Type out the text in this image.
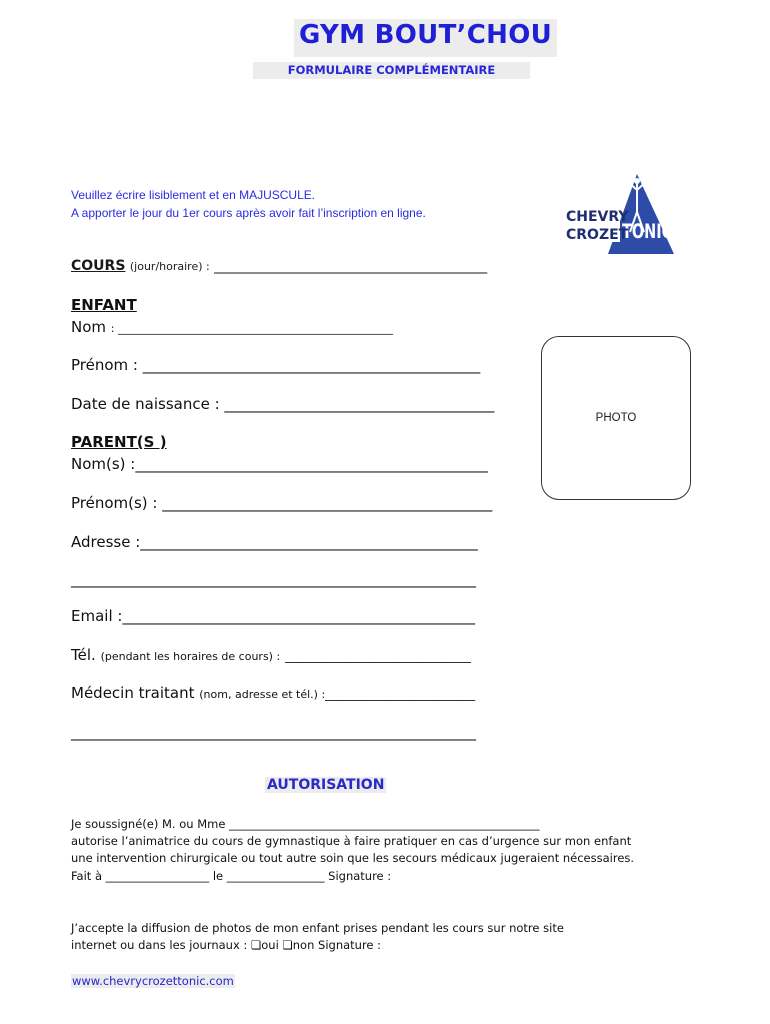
GYM BOUT’CHOU
FORMULAIRE COMPLÉMENTAIRE
Veuillez écrire lisiblement et en MAJUSCULE.
A apporter le jour du 1er cours après avoir fait l’inscription en ligne.
TONIC
CHEVRY
CROZET
COURS (jour/horaire) : _______________________________________
ENFANT
Nom : __________________________________________________
Prénom : _____________________________________________
Date de naissance : ____________________________________
PHOTO
PARENT(S )
Nom(s) :_______________________________________________
Prénom(s) : ____________________________________________
Adresse :_____________________________________________
______________________________________________________
Email :_______________________________________________
Tél. (pendant les horaires de cours) : _______________________________
Médecin traitant (nom, adresse et tél.) :_________________________
______________________________________________________
AUTORISATION
Je soussigné(e) M. ou Mme ______________________________________________________
autorise l’animatrice du cours de gymnastique à faire pratiquer en cas d’urgence sur mon enfant
une intervention chirurgicale ou tout autre soin que les secours médicaux jugeraient nécessaires.
Fait à __________________ le _________________ Signature :
J’accepte la diffusion de photos de mon enfant prises pendant les cours sur notre site
internet ou dans les journaux : ❏οui ❏non Signature :
www.chevrycrozettonic.com
